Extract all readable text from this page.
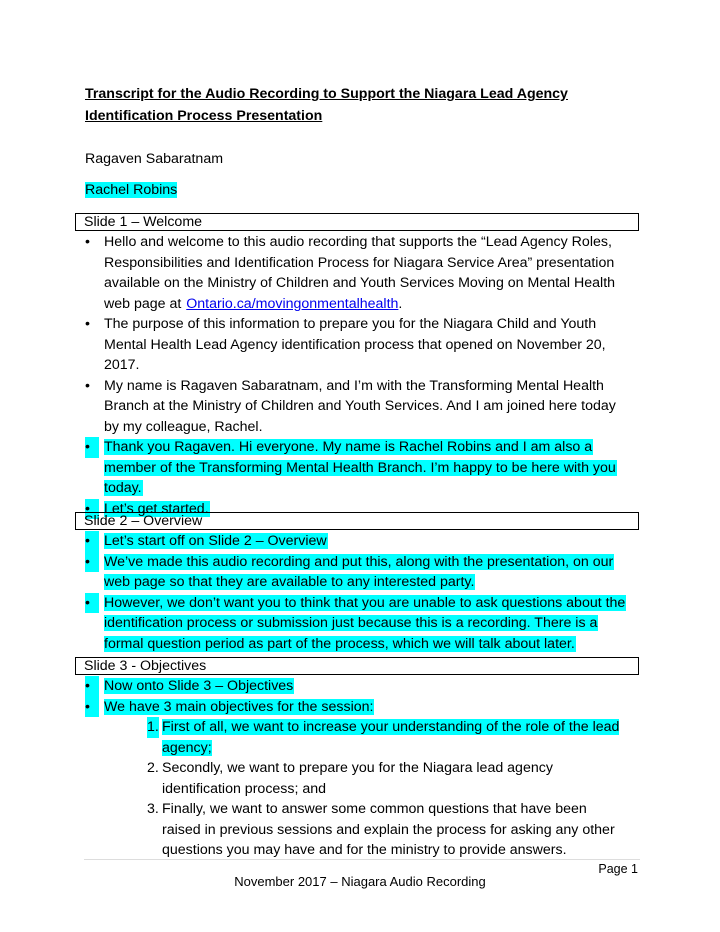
Transcript for the Audio Recording to Support the Niagara Lead Agency
Identification Process Presentation
Ragaven Sabaratnam
Rachel Robins
Slide 1 – Welcome
• Hello and welcome to this audio recording that supports the “Lead Agency Roles,
Responsibilities and Identification Process for Niagara Service Area” presentation
available on the Ministry of Children and Youth Services Moving on Mental Health
web page at Ontario.ca/movingonmentalhealth.
• The purpose of this information to prepare you for the Niagara Child and Youth
Mental Health Lead Agency identification process that opened on November 20,
2017.
• My name is Ragaven Sabaratnam, and I’m with the Transforming Mental Health
Branch at the Ministry of Children and Youth Services. And I am joined here today
by my colleague, Rachel.
• Thank you Ragaven. Hi everyone. My name is Rachel Robins and I am also a
member of the Transforming Mental Health Branch. I’m happy to be here with you
today.
• Let’s get started.
Slide 2 – Overview
• Let’s start off on Slide 2 – Overview
• We’ve made this audio recording and put this, along with the presentation, on our
web page so that they are available to any interested party.
• However, we don’t want you to think that you are unable to ask questions about the
identification process or submission just because this is a recording. There is a
formal question period as part of the process, which we will talk about later.
Slide 3 - Objectives
• Now onto Slide 3 – Objectives
• We have 3 main objectives for the session:
1. First of all, we want to increase your understanding of the role of the lead
agency;
2. Secondly, we want to prepare you for the Niagara lead agency
identification process; and
3. Finally, we want to answer some common questions that have been
raised in previous sessions and explain the process for asking any other
questions you may have and for the ministry to provide answers.
Page 1
November 2017 – Niagara Audio Recording
